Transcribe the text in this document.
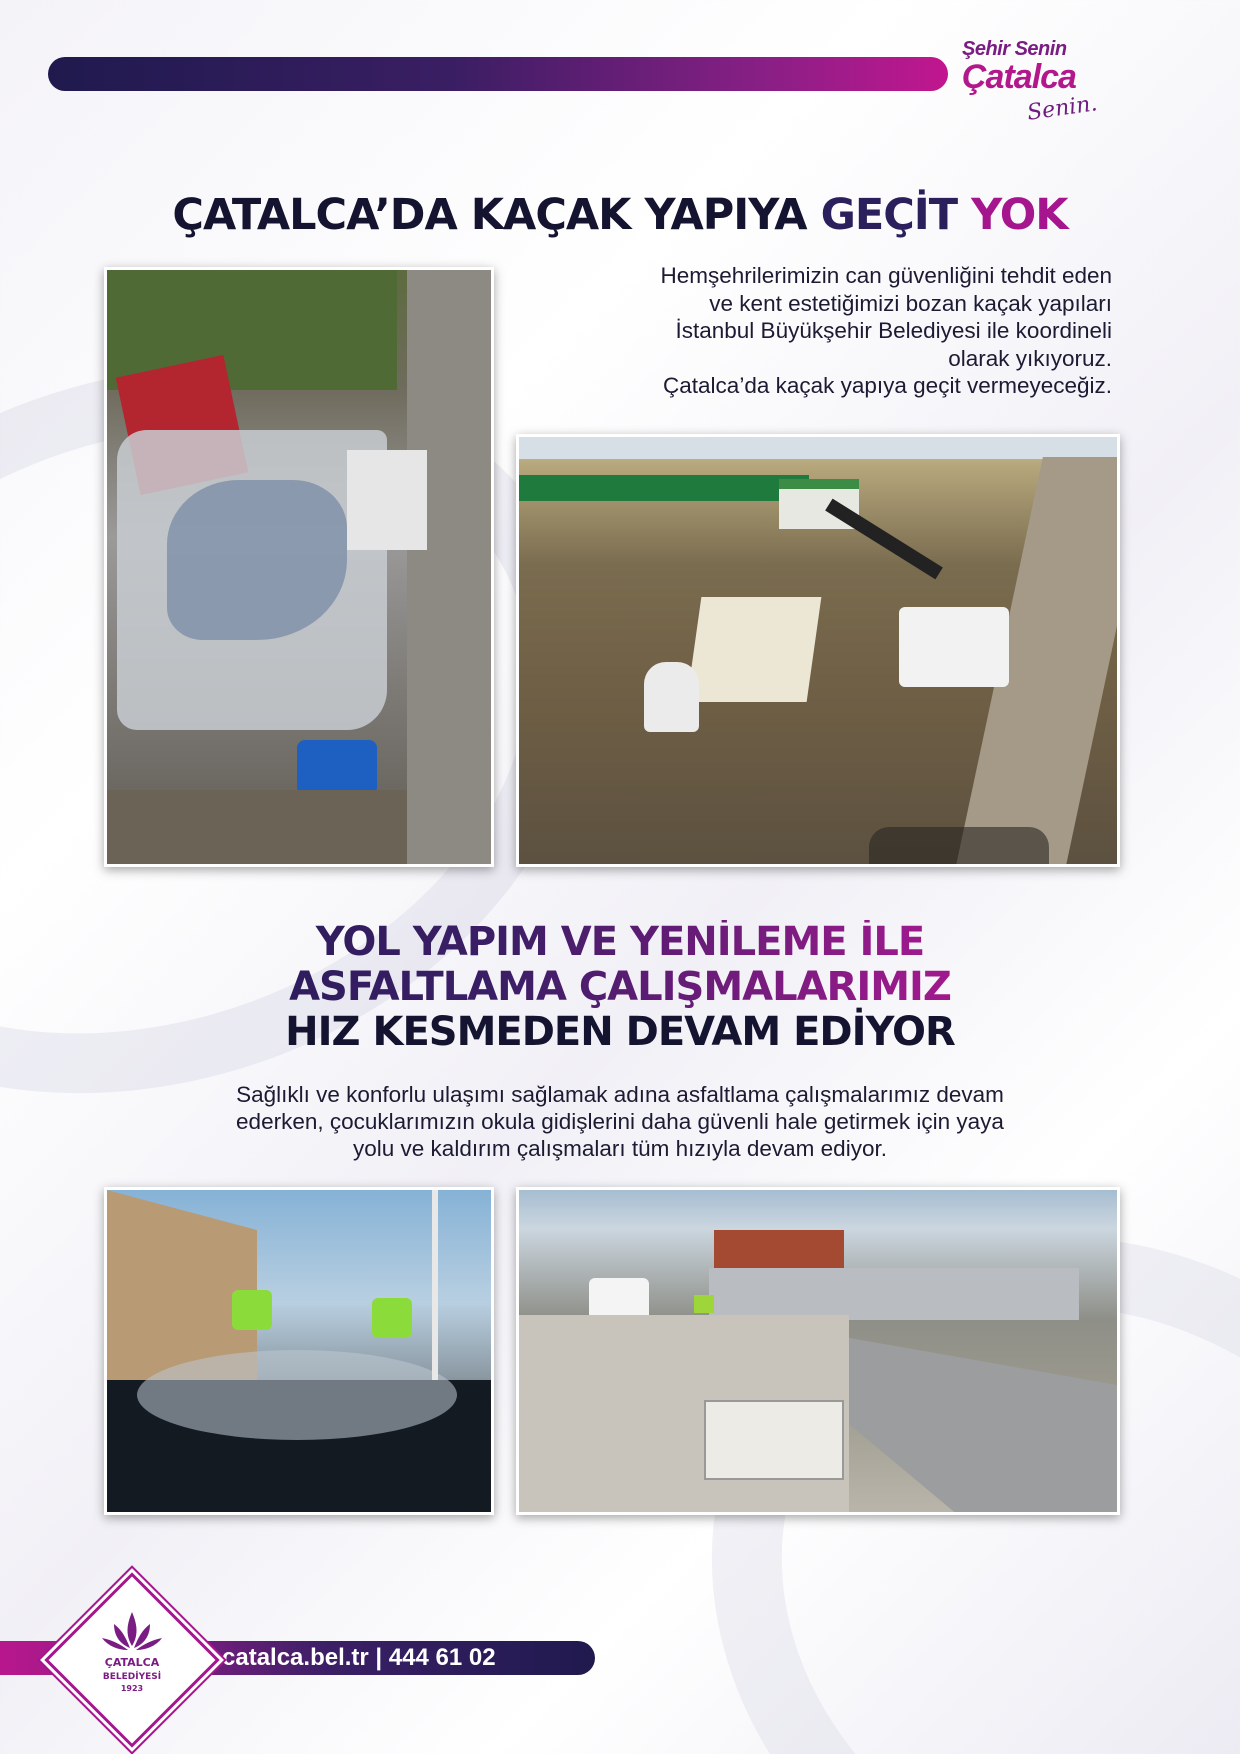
Şehir Senin
Çatalca
Senin.
ÇATALCA’DA KAÇAK YAPIYA GEÇİT YOK
Hemşehrilerimizin can güvenliğini tehdit eden
ve kent estetiğimizi bozan kaçak yapıları
İstanbul Büyükşehir Belediyesi ile koordineli
olarak yıkıyoruz.
Çatalca’da kaçak yapıya geçit vermeyeceğiz.
YOL YAPIM VE YENİLEME İLE
ASFALTLAMA ÇALIŞMALARIMIZ
HIZ KESMEDEN DEVAM EDİYOR
Sağlıklı ve konforlu ulaşımı sağlamak adına asfaltlama çalışmalarımız devam
ederken, çocuklarımızın okula gidişlerini daha güvenli hale getirmek için yaya
yolu ve kaldırım çalışmaları tüm hızıyla devam ediyor.
catalca.bel.tr | 444 61 02
ÇATALCA
BELEDİYESİ
1923
